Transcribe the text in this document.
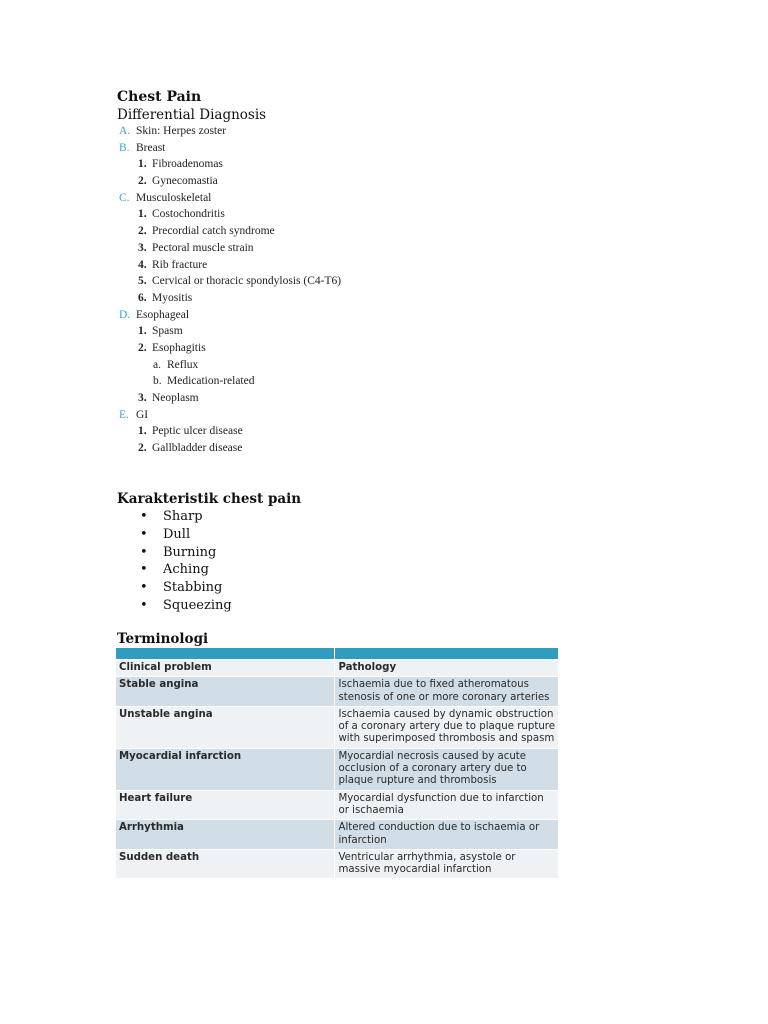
Chest Pain
Differential Diagnosis
A. Skin: Herpes zoster
B. Breast
1. Fibroadenomas
2. Gynecomastia
C. Musculoskeletal
1. Costochondritis
2. Precordial catch syndrome
3. Pectoral muscle strain
4. Rib fracture
5. Cervical or thoracic spondylosis (C4-T6)
6. Myositis
D. Esophageal
1. Spasm
2. Esophagitis
a. Reflux
b. Medication-related
3. Neoplasm
E. GI
1. Peptic ulcer disease
2. Gallbladder disease
Karakteristik chest pain
• Sharp
• Dull
• Burning
• Aching
• Stabbing
• Squeezing
Terminologi

Clinical problem	Pathology
Stable angina	Ischaemia due to fixed atheromatous stenosis of one or more coronary arteries
Unstable angina	Ischaemia caused by dynamic obstruction of a coronary artery due to plaque rupture with superimposed thrombosis and spasm
Myocardial infarction	Myocardial necrosis caused by acute occlusion of a coronary artery due to plaque rupture and thrombosis
Heart failure	Myocardial dysfunction due to infarction or ischaemia
Arrhythmia	Altered conduction due to ischaemia or infarction
Sudden death	Ventricular arrhythmia, asystole or massive myocardial infarction
